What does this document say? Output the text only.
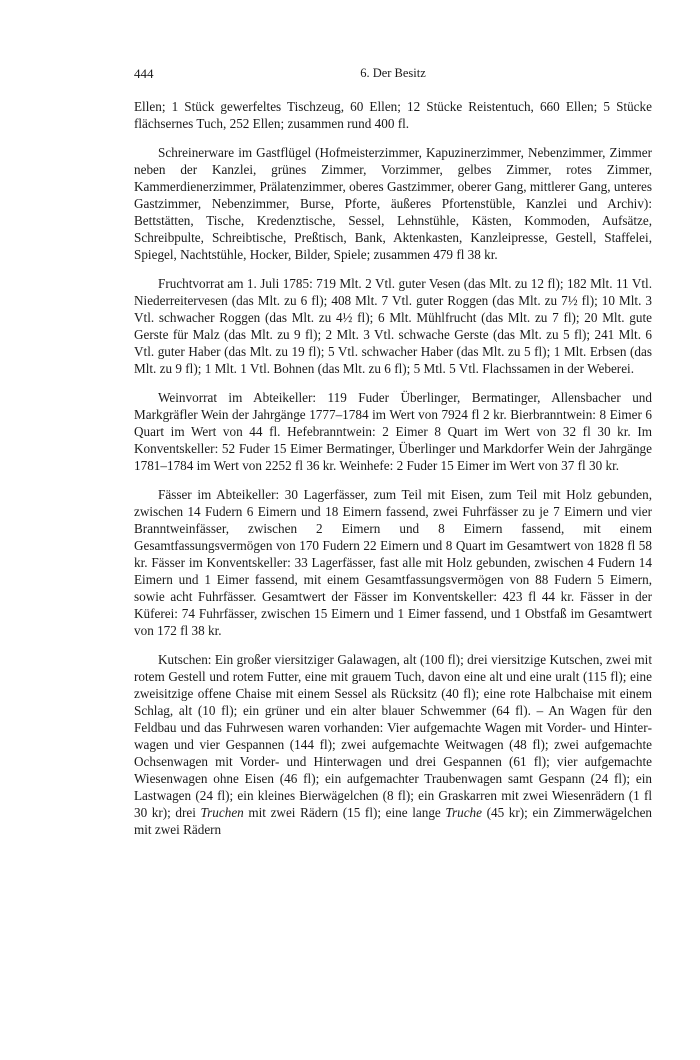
444	6. Der Besitz

Ellen; 1 Stück gewerfeltes Tischzeug, 60 Ellen; 12 Stücke Reistentuch, 660 Ellen; 5 Stücke flächsernes Tuch, 252 Ellen; zusammen rund 400 fl.

Schreinerware im Gastflügel (Hofmeisterzimmer, Kapuzinerzimmer, Nebenzimmer, Zimmer neben der Kanzlei, grünes Zimmer, Vorzimmer, gelbes Zimmer, rotes Zimmer, Kammerdienerzimmer, Prälatenzimmer, oberes Gastzimmer, oberer Gang, mittlerer Gang, unteres Gastzimmer, Nebenzimmer, Burse, Pforte, äußeres Pfortenstüble, Kanzlei und Archiv): Bettstätten, Tische, Kredenztische, Sessel, Lehnstühle, Kästen, Kommoden, Aufsätze, Schreibpulte, Schreibtische, Preßtisch, Bank, Aktenkasten, Kanzleipresse, Gestell, Staffelei, Spiegel, Nachtstühle, Hocker, Bilder, Spiele; zusammen 479 fl 38 kr.

Fruchtvorrat am 1. Juli 1785: 719 Mlt. 2 Vtl. guter Vesen (das Mlt. zu 12 fl); 182 Mlt. 11 Vtl. Niederreitervesen (das Mlt. zu 6 fl); 408 Mlt. 7 Vtl. guter Roggen (das Mlt. zu 7½ fl); 10 Mlt. 3 Vtl. schwacher Roggen (das Mlt. zu 4½ fl); 6 Mlt. Mühlfrucht (das Mlt. zu 7 fl); 20 Mlt. gute Gerste für Malz (das Mlt. zu 9 fl); 2 Mlt. 3 Vtl. schwache Gerste (das Mlt. zu 5 fl); 241 Mlt. 6 Vtl. guter Haber (das Mlt. zu 19 fl); 5 Vtl. schwacher Haber (das Mlt. zu 5 fl); 1 Mlt. Erbsen (das Mlt. zu 9 fl); 1 Mlt. 1 Vtl. Bohnen (das Mlt. zu 6 fl); 5 Mtl. 5 Vtl. Flachssamen in der Weberei.

Weinvorrat im Abteikeller: 119 Fuder Überlinger, Bermatinger, Allensbacher und Markgräfler Wein der Jahrgänge 1777–1784 im Wert von 7924 fl 2 kr. Bierbranntwein: 8 Eimer 6 Quart im Wert von 44 fl. Hefebranntwein: 2 Eimer 8 Quart im Wert von 32 fl 30 kr. Im Konventskeller: 52 Fuder 15 Eimer Bermatinger, Überlinger und Markdorfer Wein der Jahrgänge 1781–1784 im Wert von 2252 fl 36 kr. Weinhefe: 2 Fuder 15 Eimer im Wert von 37 fl 30 kr.

Fässer im Abteikeller: 30 Lagerfässer, zum Teil mit Eisen, zum Teil mit Holz gebunden, zwischen 14 Fudern 6 Eimern und 18 Eimern fassend, zwei Fuhrfässer zu je 7 Eimern und vier Branntweinfässer, zwischen 2 Eimern und 8 Eimern fassend, mit einem Gesamtfassungsvermögen von 170 Fudern 22 Eimern und 8 Quart im Gesamtwert von 1828 fl 58 kr. Fässer im Konventskeller: 33 Lagerfässer, fast alle mit Holz gebunden, zwischen 4 Fudern 14 Eimern und 1 Eimer fassend, mit einem Gesamtfassungsvermögen von 88 Fudern 5 Eimern, sowie acht Fuhrfässer. Gesamtwert der Fässer im Konventskeller: 423 fl 44 kr. Fässer in der Küferei: 74 Fuhrfässer, zwischen 15 Eimern und 1 Eimer fassend, und 1 Obstfaß im Gesamtwert von 172 fl 38 kr.

Kutschen: Ein großer viersitziger Galawagen, alt (100 fl); drei viersitzige Kutschen, zwei mit rotem Gestell und rotem Futter, eine mit grauem Tuch, davon eine alt und eine uralt (115 fl); eine zweisitzige offene Chaise mit einem Sessel als Rücksitz (40 fl); eine rote Halbchaise mit einem Schlag, alt (10 fl); ein grüner und ein alter blauer Schwemmer (64 fl). – An Wagen für den Feldbau und das Fuhrwesen waren vorhanden: Vier aufgemachte Wagen mit Vorder- und Hinterwagen und vier Gespannen (144 fl); zwei aufgemachte Weitwagen (48 fl); zwei aufgemachte Ochsenwagen mit Vorder- und Hinterwagen und drei Gespannen (61 fl); vier aufgemachte Wiesenwagen ohne Eisen (46 fl); ein aufgemachter Traubenwagen samt Gespann (24 fl); ein Lastwagen (24 fl); ein kleines Bierwägelchen (8 fl); ein Graskarren mit zwei Wiesenrädern (1 fl 30 kr); drei Truchen mit zwei Rädern (15 fl); eine lange Truche (45 kr); ein Zimmerwägelchen mit zwei Rädern
